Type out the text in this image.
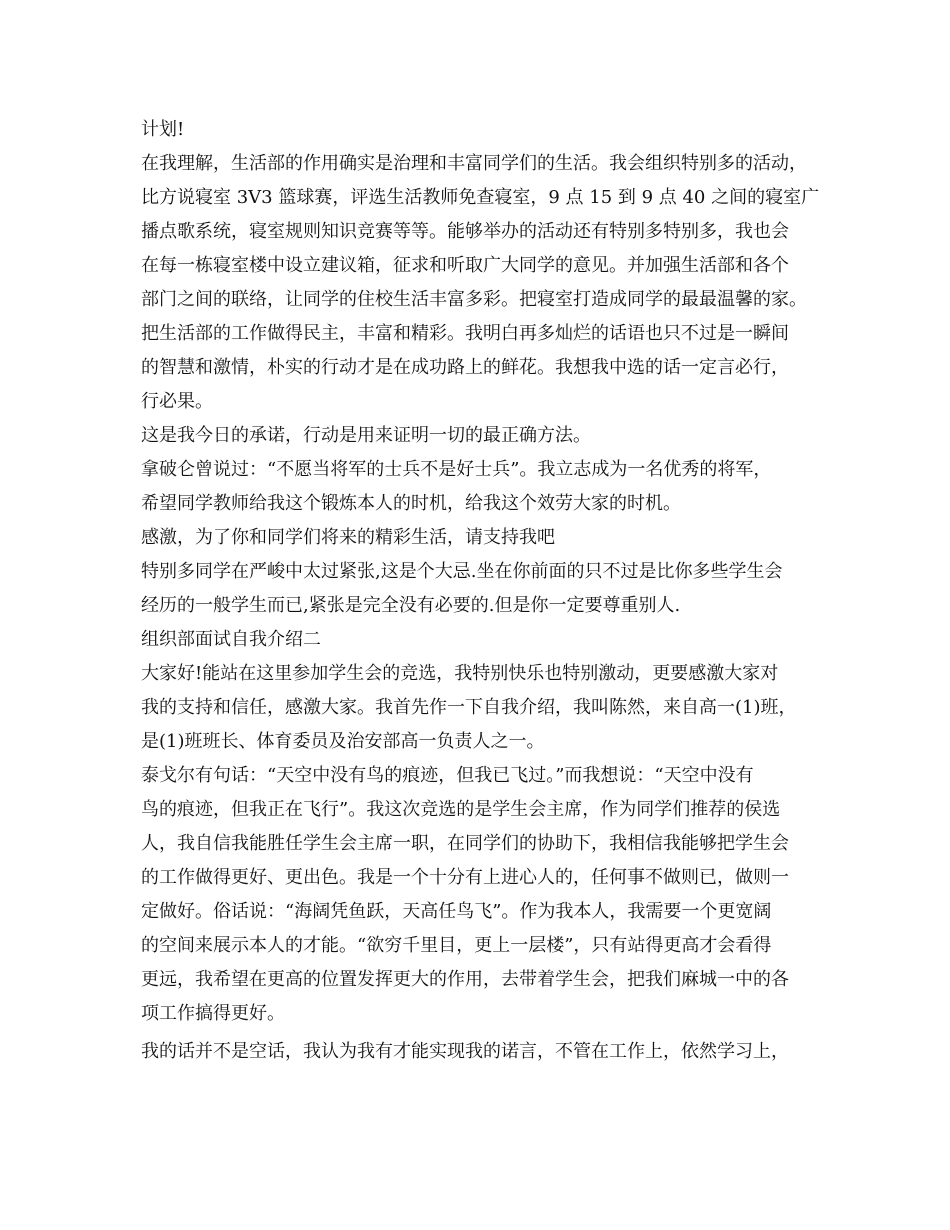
计划!
在我理解，生活部的作用确实是治理和丰富同学们的生活。我会组织特别多的活动，
比方说寝室 3V3 篮球赛，评选生活教师免查寝室，9 点 15 到 9 点 40 之间的寝室广
播点歌系统，寝室规则知识竞赛等等。能够举办的活动还有特别多特别多，我也会
在每一栋寝室楼中设立建议箱，征求和听取广大同学的意见。并加强生活部和各个
部门之间的联络，让同学的住校生活丰富多彩。把寝室打造成同学的最最温馨的家。
把生活部的工作做得民主，丰富和精彩。我明白再多灿烂的话语也只不过是一瞬间
的智慧和激情，朴实的行动才是在成功路上的鲜花。我想我中选的话一定言必行，
行必果。
这是我今日的承诺，行动是用来证明一切的最正确方法。
拿破仑曾说过：“不愿当将军的士兵不是好士兵”。我立志成为一名优秀的将军，
希望同学教师给我这个锻炼本人的时机，给我这个效劳大家的时机。
感激，为了你和同学们将来的精彩生活，请支持我吧
特别多同学在严峻中太过紧张,这是个大忌.坐在你前面的只不过是比你多些学生会
经历的一般学生而已,紧张是完全没有必要的.但是你一定要尊重别人.
组织部面试自我介绍二
大家好!能站在这里参加学生会的竞选，我特别快乐也特别激动，更要感激大家对
我的支持和信任，感激大家。我首先作一下自我介绍，我叫陈然，来自高一(1)班，
是(1)班班长、体育委员及治安部高一负责人之一。
泰戈尔有句话：“天空中没有鸟的痕迹，但我已飞过。”而我想说：“天空中没有
鸟的痕迹，但我正在飞行”。我这次竞选的是学生会主席，作为同学们推荐的侯选
人，我自信我能胜任学生会主席一职，在同学们的协助下，我相信我能够把学生会
的工作做得更好、更出色。我是一个十分有上进心人的，任何事不做则已，做则一
定做好。俗话说：“海阔凭鱼跃，天高任鸟飞”。作为我本人，我需要一个更宽阔
的空间来展示本人的才能。“欲穷千里目，更上一层楼”，只有站得更高才会看得
更远，我希望在更高的位置发挥更大的作用，去带着学生会，把我们麻城一中的各
项工作搞得更好。
我的话并不是空话，我认为我有才能实现我的诺言，不管在工作上，依然学习上，
